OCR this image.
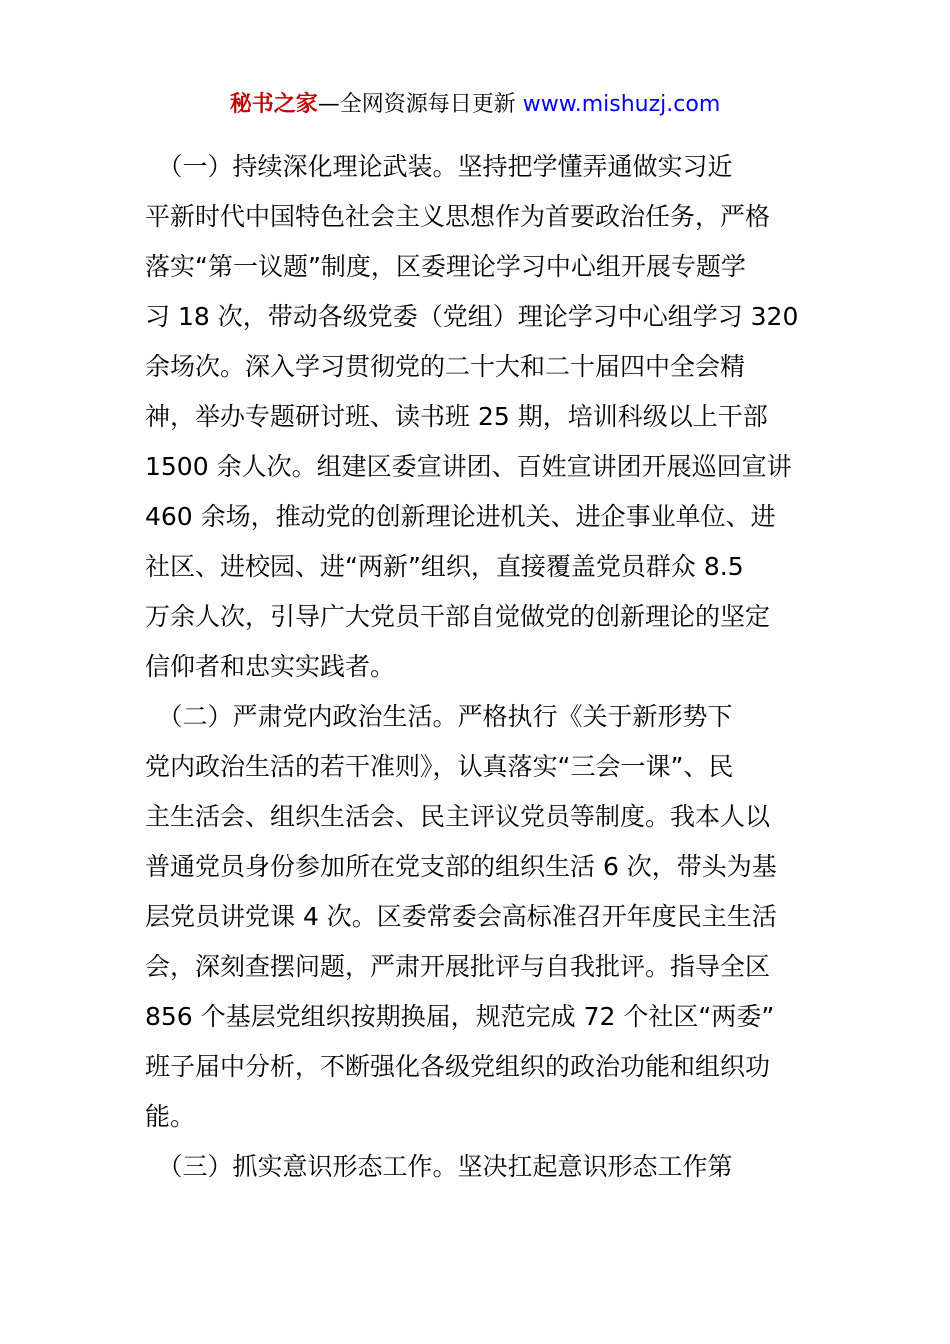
秘书之家—全网资源每日更新 www.mishuzj.com
　（一）持续深化理论武装。坚持把学懂弄通做实习近
平新时代中国特色社会主义思想作为首要政治任务，严格
落实“第一议题”制度，区委理论学习中心组开展专题学
习 18 次，带动各级党委（党组）理论学习中心组学习 320
余场次。深入学习贯彻党的二十大和二十届四中全会精
神，举办专题研讨班、读书班 25 期，培训科级以上干部
1500 余人次。组建区委宣讲团、百姓宣讲团开展巡回宣讲
460 余场，推动党的创新理论进机关、进企事业单位、进
社区、进校园、进“两新”组织，直接覆盖党员群众 8.5
万余人次，引导广大党员干部自觉做党的创新理论的坚定
信仰者和忠实实践者。
　（二）严肃党内政治生活。严格执行《关于新形势下
党内政治生活的若干准则》，认真落实“三会一课”、民
主生活会、组织生活会、民主评议党员等制度。我本人以
普通党员身份参加所在党支部的组织生活 6 次，带头为基
层党员讲党课 4 次。区委常委会高标准召开年度民主生活
会，深刻查摆问题，严肃开展批评与自我批评。指导全区
856 个基层党组织按期换届，规范完成 72 个社区“两委”
班子届中分析，不断强化各级党组织的政治功能和组织功
能。
　（三）抓实意识形态工作。坚决扛起意识形态工作第
